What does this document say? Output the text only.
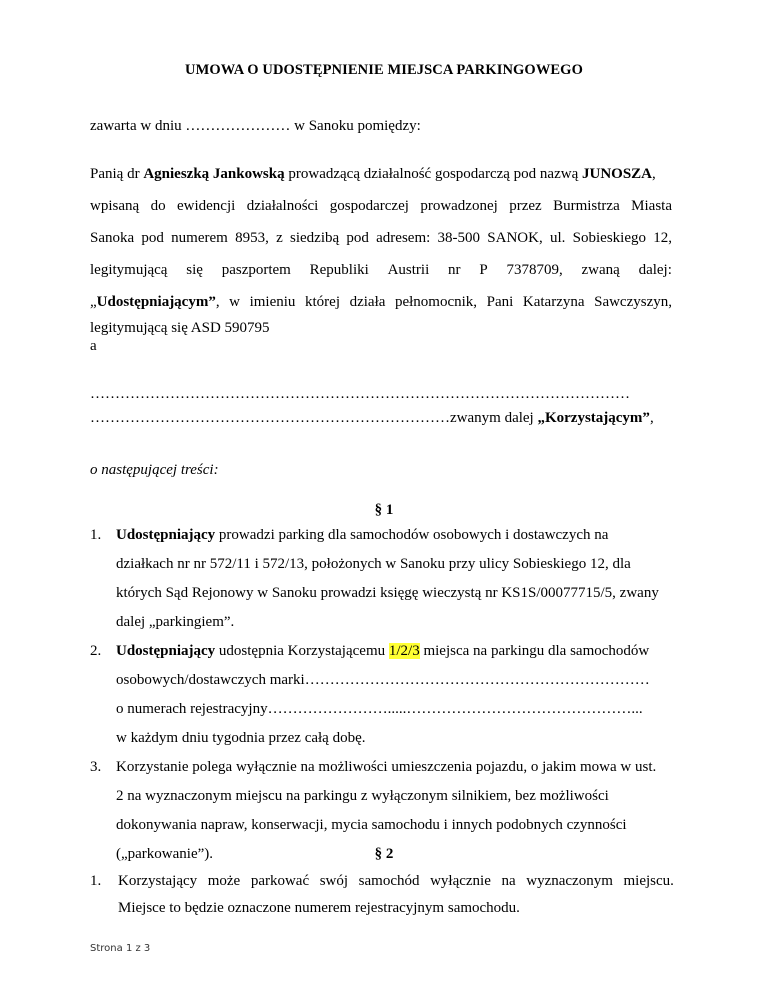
UMOWA O UDOSTĘPNIENIE MIEJSCA PARKINGOWEGO
zawarta w dniu ………………… w Sanoku pomiędzy:
Panią dr Agnieszką Jankowską prowadzącą działalność gospodarczą pod nazwą JUNOSZA,
wpisaną do ewidencji działalności gospodarczej prowadzonej przez Burmistrza Miasta
Sanoka pod numerem 8953, z siedzibą pod adresem: 38-500 SANOK, ul. Sobieskiego 12,
legitymującą się paszportem Republiki Austrii nr P 7378709, zwaną dalej:
„Udostępniającym”, w imieniu której działa pełnomocnik, Pani Katarzyna Sawczyszyn,
legitymującą się ASD 590795
a
………………………………………………………………………………………………
………………………………………………………………zwanym dalej „Korzystającym”,
o następującej treści:
§ 1
1. Udostępniający prowadzi parking dla samochodów osobowych i dostawczych na
działkach nr nr 572/11 i 572/13, położonych w Sanoku przy ulicy Sobieskiego 12, dla
których Sąd Rejonowy w Sanoku prowadzi księgę wieczystą nr KS1S/00077715/5, zwany
dalej „parkingiem”.
2. Udostępniający udostępnia Korzystającemu 1/2/3 miejsca na parkingu dla samochodów
osobowych/dostawczych marki……………………………………………………………
o numerach rejestracyjny…………………….....………………………………………...
w każdym dniu tygodnia przez całą dobę.
3. Korzystanie polega wyłącznie na możliwości umieszczenia pojazdu, o jakim mowa w ust.
2 na wyznaczonym miejscu na parkingu z wyłączonym silnikiem, bez możliwości
dokonywania napraw, konserwacji, mycia samochodu i innych podobnych czynności
(„parkowanie”).
Strona 1 z 3
§ 2
1. Korzystający może parkować swój samochód wyłącznie na wyznaczonym miejscu.
Miejsce to będzie oznaczone numerem rejestracyjnym samochodu.
